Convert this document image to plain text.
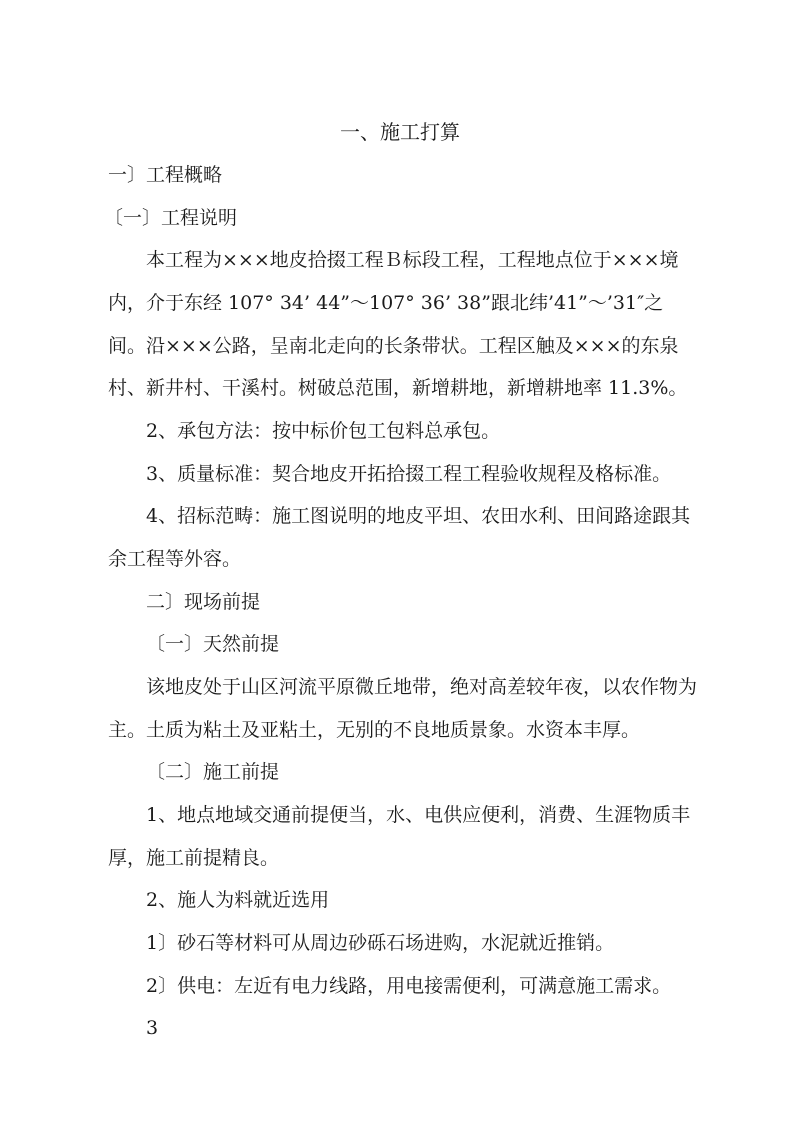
一、施工打算

一〕工程概略

〔一〕工程说明

本工程为×××地皮拾掇工程Ｂ标段工程，工程地点位于×××境

内，介于东经 107° 34’ 44”～107° 36’ 38”跟北纬’41”～’31″之

间。沿×××公路，呈南北走向的长条带状。工程区触及×××的东泉

村、新井村、干溪村。树破总范围，新增耕地，新增耕地率 11.3%。

2、承包方法：按中标价包工包料总承包。

3、质量标准：契合地皮开拓拾掇工程工程验收规程及格标准。

4、招标范畴：施工图说明的地皮平坦、农田水利、田间路途跟其

余工程等外容。

二〕现场前提

〔一〕天然前提

该地皮处于山区河流平原微丘地带，绝对高差较年夜，以农作物为

主。土质为粘土及亚粘土，无别的不良地质景象。水资本丰厚。

〔二〕施工前提

1、地点地域交通前提便当，水、电供应便利，消费、生涯物质丰

厚，施工前提精良。

2、施人为料就近选用

1〕砂石等材料可从周边砂砾石场进购，水泥就近推销。

2〕供电：左近有电力线路，用电接需便利，可满意施工需求。

3
